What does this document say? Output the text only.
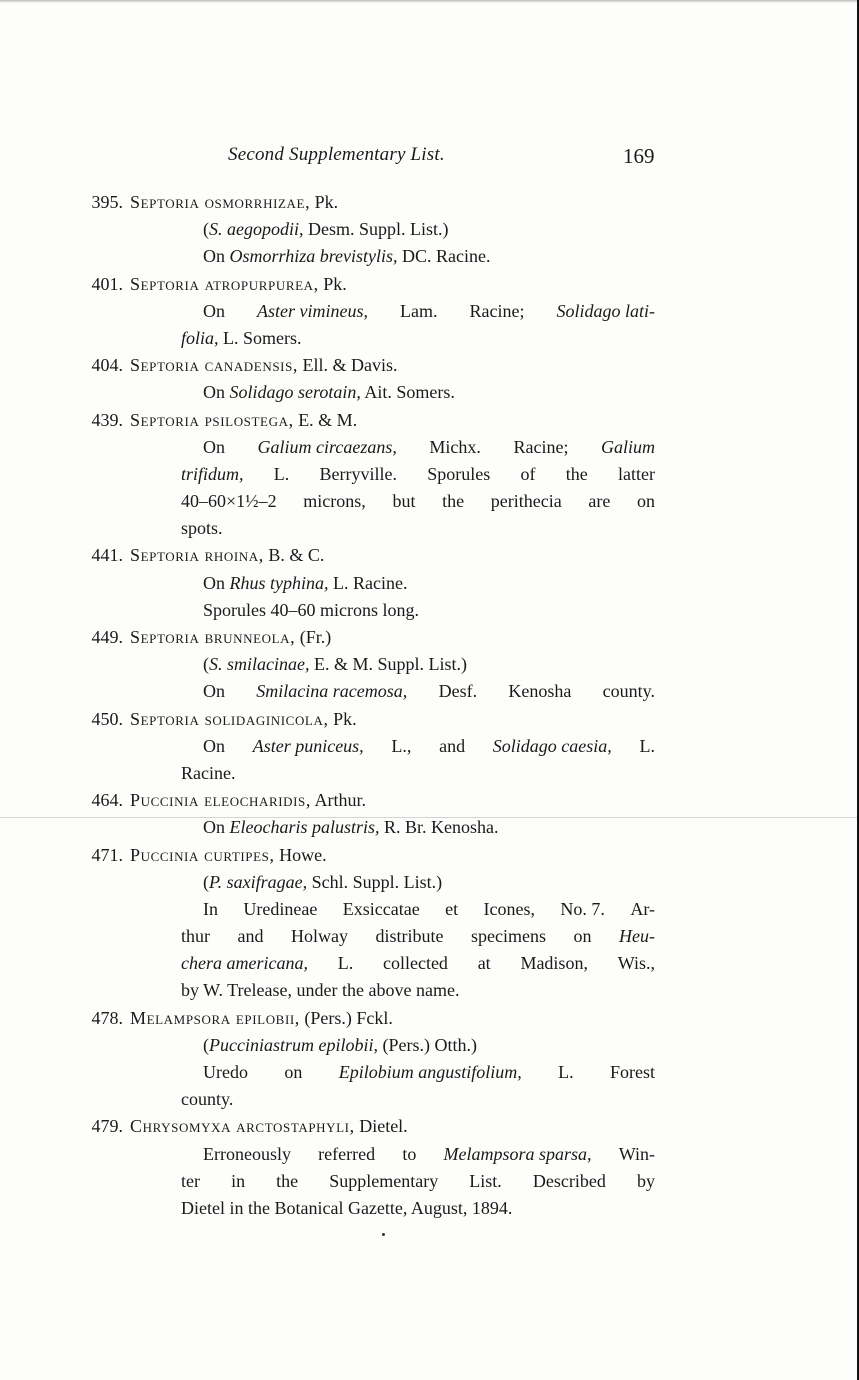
Second Supplementary List.	169
395. Septoria osmorrhizae, Pk.
(S. aegopodii, Desm. Suppl. List.)
On Osmorrhiza brevistylis, DC. Racine.
401. Septoria atropurpurea, Pk.
On Aster vimineus, Lam. Racine; Solidago lati-
folia, L. Somers.
404. Septoria canadensis, Ell. & Davis.
On Solidago serotain, Ait. Somers.
439. Septoria psilostega, E. & M.
On Galium circaezans, Michx. Racine; Galium
trifidum, L. Berryville. Sporules of the latter
40–60×1½–2 microns, but the perithecia are on
spots.
441. Septoria rhoina, B. & C.
On Rhus typhina, L. Racine.
Sporules 40–60 microns long.
449. Septoria brunneola, (Fr.)
(S. smilacinae, E. & M. Suppl. List.)
On Smilacina racemosa, Desf. Kenosha county.
450. Septoria solidaginicola, Pk.
On Aster puniceus, L., and Solidago caesia, L.
Racine.
464. Puccinia eleocharidis, Arthur.
On Eleocharis palustris, R. Br. Kenosha.
471. Puccinia curtipes, Howe.
(P. saxifragae, Schl. Suppl. List.)
In Uredineae Exsiccatae et Icones, No. 7. Ar-
thur and Holway distribute specimens on Heu-
chera americana, L. collected at Madison, Wis.,
by W. Trelease, under the above name.
478. Melampsora epilobii, (Pers.) Fckl.
(Pucciniastrum epilobii, (Pers.) Otth.)
Uredo on Epilobium angustifolium, L. Forest
county.
479. Chrysomyxa arctostaphyli, Dietel.
Erroneously referred to Melampsora sparsa, Win-
ter in the Supplementary List. Described by
Dietel in the Botanical Gazette, August, 1894.
